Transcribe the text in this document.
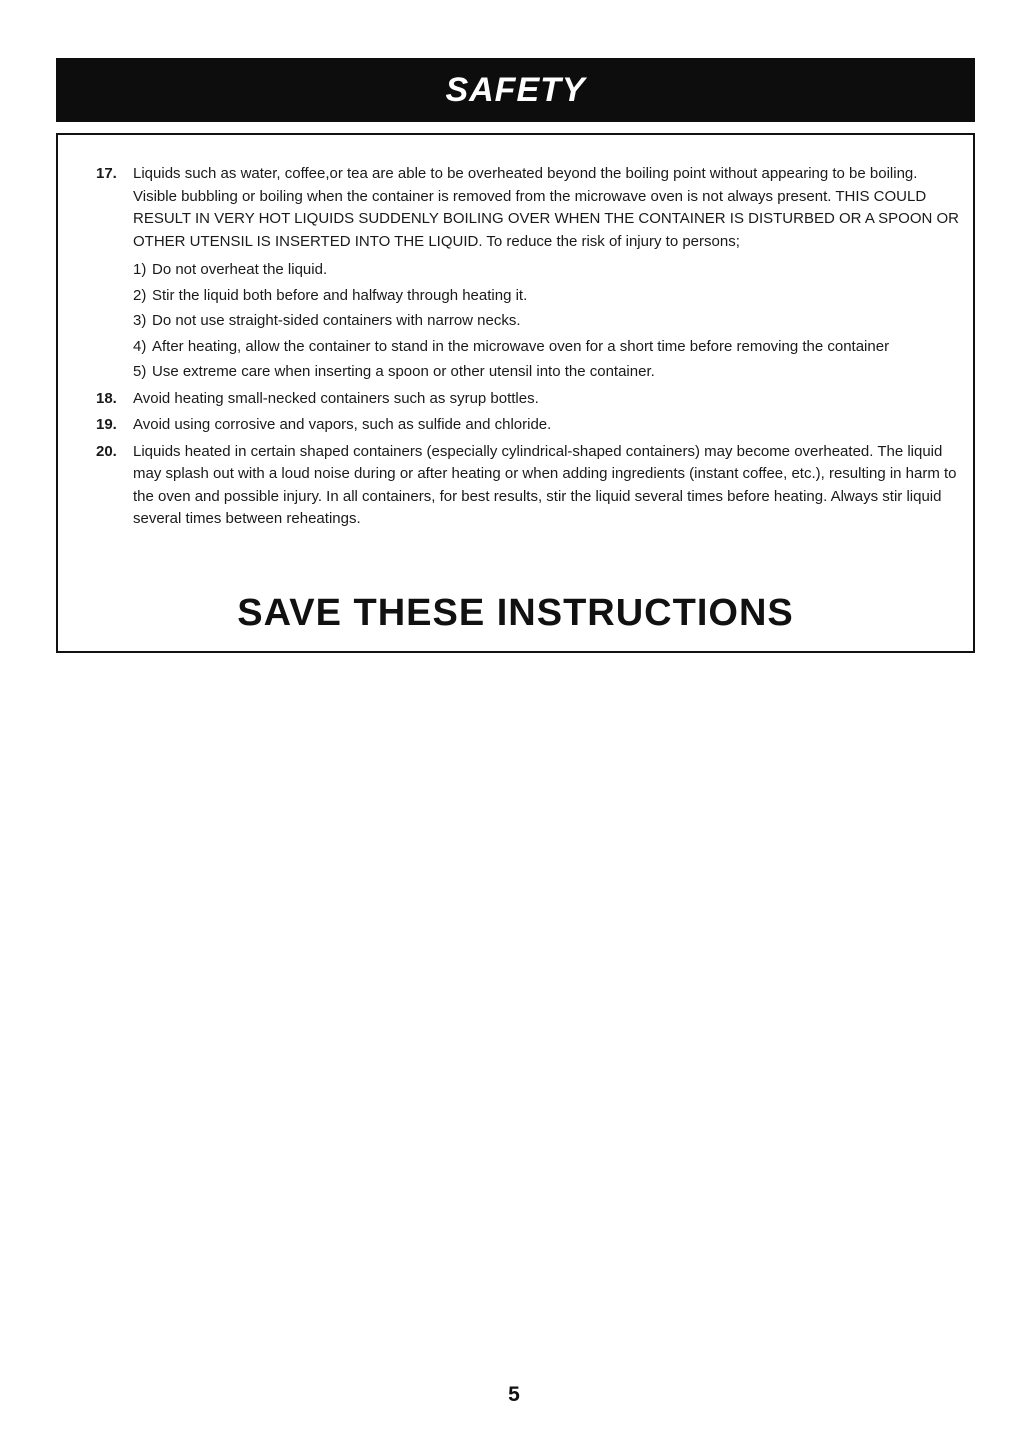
SAFETY
17.	Liquids such as water, coffee,or tea are able to be overheated beyond the boiling point without appearing to be boiling. Visible bubbling or boiling when the container is removed from the microwave oven is not always present. THIS COULD RESULT IN VERY HOT LIQUIDS SUDDENLY BOILING OVER WHEN THE CONTAINER IS DISTURBED OR A SPOON OR OTHER UTENSIL IS INSERTED INTO THE LIQUID. To reduce the risk of injury to persons;
1) Do not overheat the liquid.
2) Stir the liquid both before and halfway through heating it.
3) Do not use straight-sided containers with narrow necks.
4) After heating, allow the container to stand in the microwave oven for a short time before removing the container
5) Use extreme care when inserting a spoon or other utensil into the container.
18.	Avoid heating small-necked containers such as syrup bottles.
19.	Avoid using corrosive and vapors, such as sulfide and chloride.
20.	Liquids heated in certain shaped containers (especially cylindrical-shaped containers) may become overheated. The liquid may splash out with a loud noise during or after heating or when adding ingredients (instant coffee, etc.), resulting in harm to the oven and possible injury. In all containers, for best results, stir the liquid several times before heating. Always stir liquid several times between reheatings.
SAVE THESE INSTRUCTIONS
5
